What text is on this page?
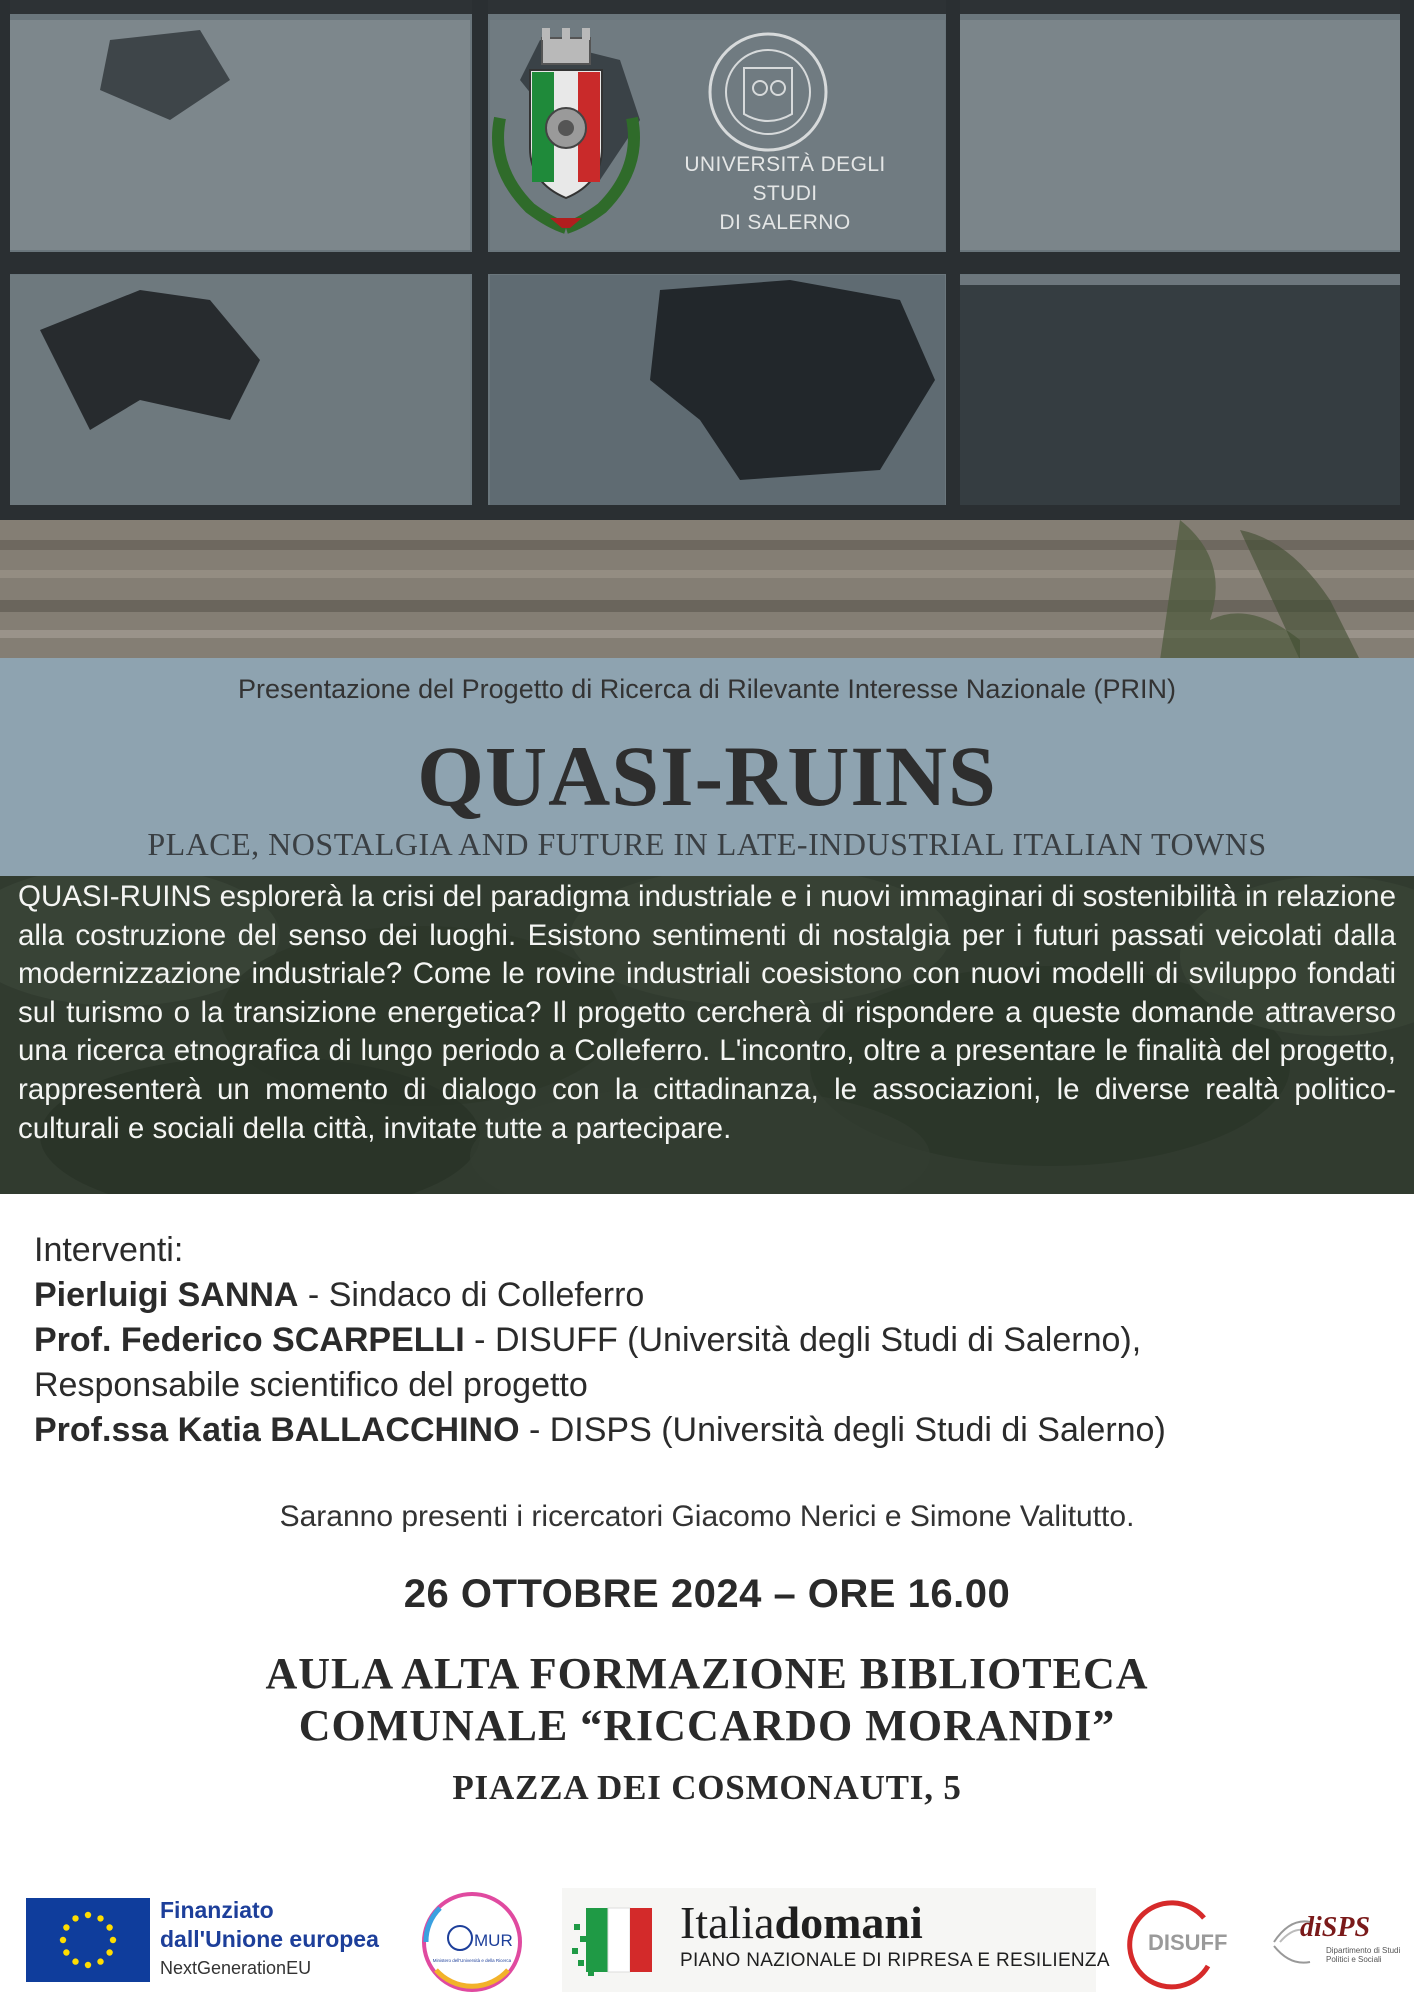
UNIVERSITÀ DEGLI STUDI
DI SALERNO
Presentazione del Progetto di Ricerca di Rilevante Interesse Nazionale (PRIN)
QUASI-RUINS
PLACE, NOSTALGIA AND FUTURE IN LATE-INDUSTRIAL ITALIAN TOWNS
QUASI-RUINS esplorerà la crisi del paradigma industriale e i nuovi immaginari di sostenibilità in relazione alla costruzione del senso dei luoghi. Esistono sentimenti di nostalgia per i futuri passati veicolati dalla modernizzazione industriale? Come le rovine industriali coesistono con nuovi modelli di sviluppo fondati sul turismo o la transizione energetica? Il progetto cercherà di rispondere a queste domande attraverso una ricerca etnografica di lungo periodo a Colleferro. L'incontro, oltre a presentare le finalità del progetto, rappresenterà un momento di dialogo con la cittadinanza, le associazioni, le diverse realtà politico-culturali e sociali della città, invitate tutte a partecipare.
Interventi:
Pierluigi SANNA - Sindaco di Colleferro
Prof. Federico SCARPELLI - DISUFF (Università degli Studi di Salerno),
Responsabile scientifico del progetto
Prof.ssa Katia BALLACCHINO - DISPS (Università degli Studi di Salerno)
Saranno presenti i ricercatori Giacomo Nerici e Simone Valitutto.
26 OTTOBRE 2024 – ORE 16.00
AULA ALTA FORMAZIONE BIBLIOTECA
COMUNALE “RICCARDO MORANDI”
PIAZZA DEI COSMONAUTI, 5
Finanziato
dall'Unione europea
NextGenerationEU
MUR
Ministero dell'Università e della Ricerca
Italiadomani
PIANO NAZIONALE DI RIPRESA E RESILIENZA
DISUFF	diSPS
Dipartimento di Studi Politici e Sociali
